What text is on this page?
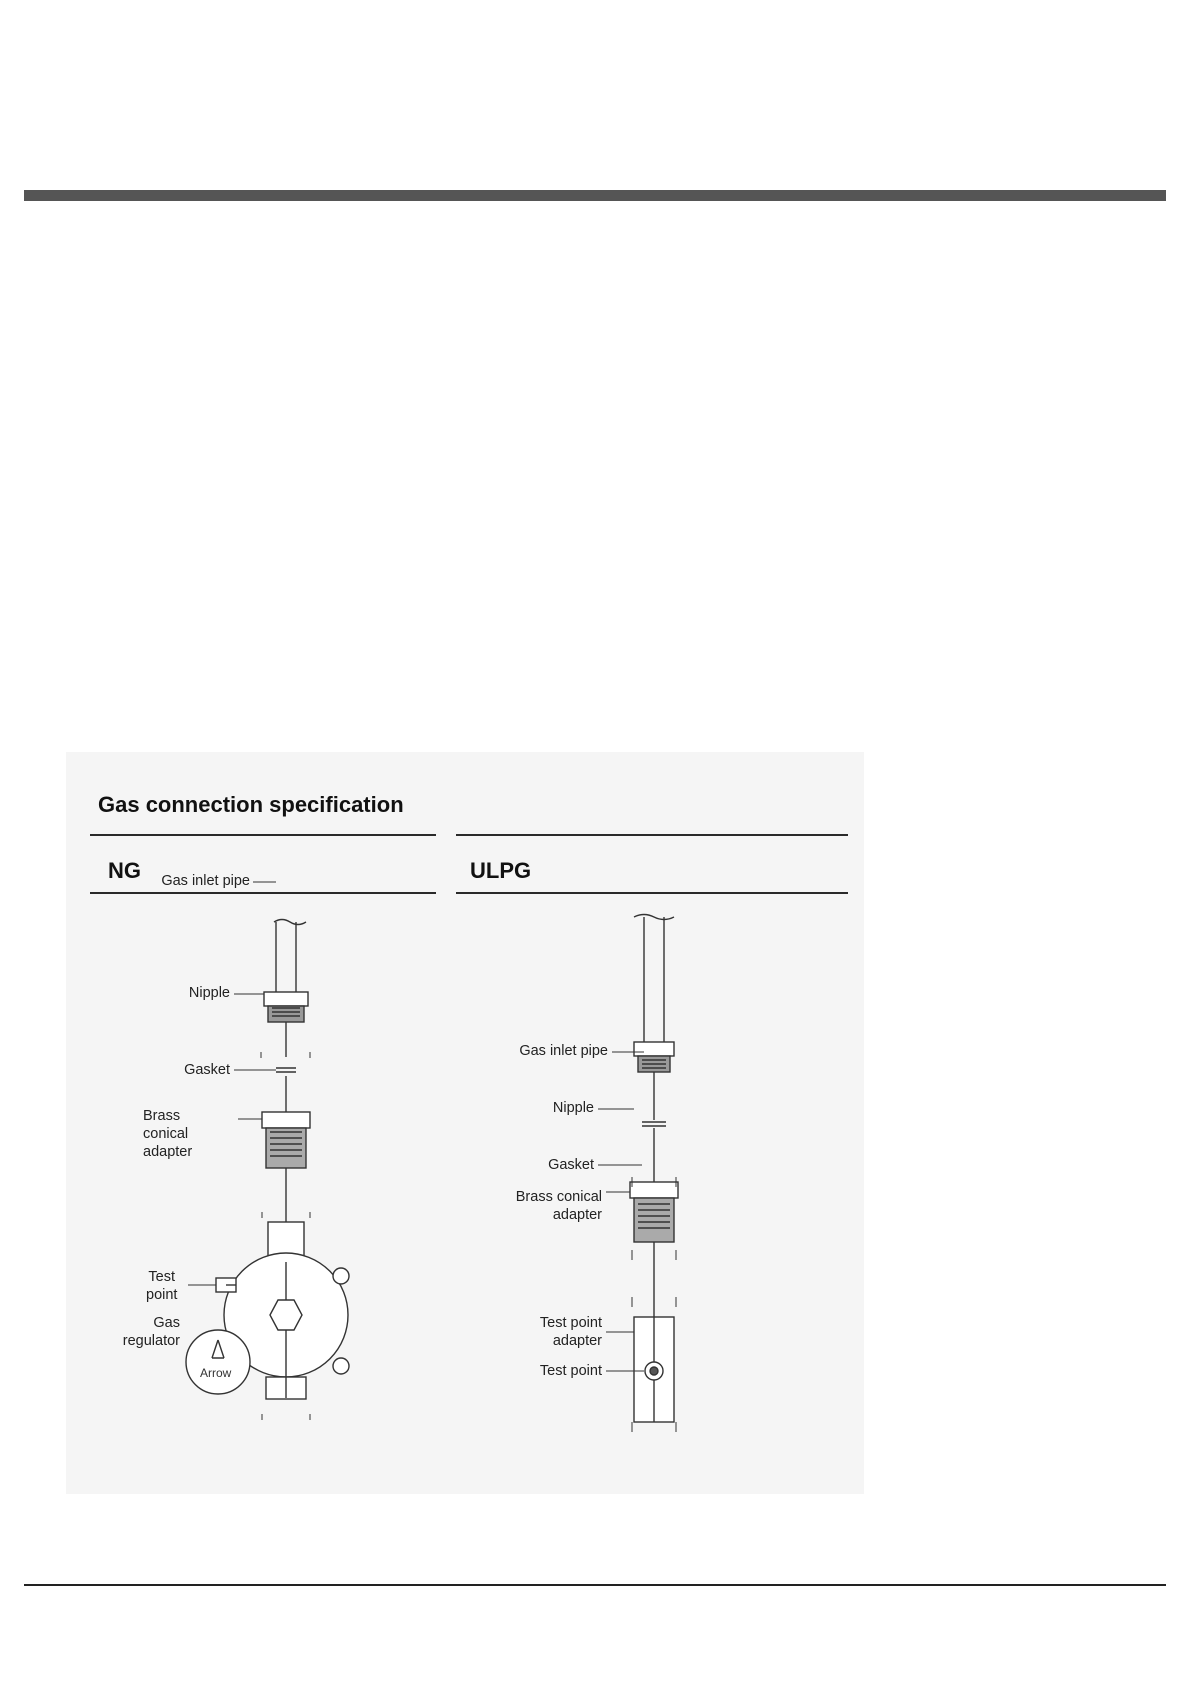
Gas connection specification
NG	ULPG
Gas inlet pipe
Nipple
Gasket
Brass
conical
adapter
Test
point
Gas
regulator
Arrow
Gas inlet pipe
Nipple
Gasket
Brass conical
adapter
Test point
adapter
Test point
